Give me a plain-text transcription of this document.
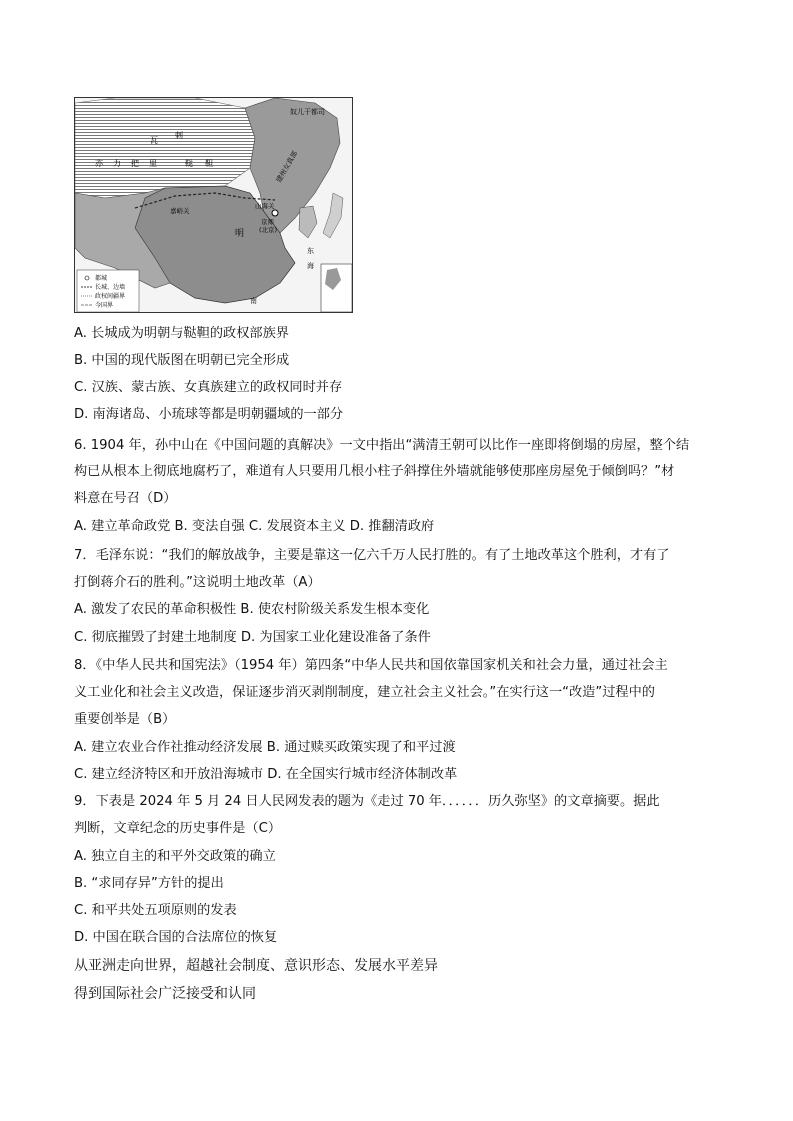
瓦
剌
亦 力 把 里	鞑 靼
奴儿干都司
建州女真部
山海关
京师
(北京)
嘉峪关
明
东
海
南
都城
长城、边墙
政权间疆界
今国界
A. 长城成为明朝与鞑靼的政权部族界
B. 中国的现代版图在明朝已完全形成
C. 汉族、蒙古族、女真族建立的政权同时并存
D. 南海诸岛、小琉球等都是明朝疆域的一部分
6. 1904 年，孙中山在《中国问题的真解决》一文中指出“满清王朝可以比作一座即将倒塌的房屋，整个结
构已从根本上彻底地腐朽了，难道有人只要用几根小柱子斜撑住外墙就能够使那座房屋免于倾倒吗？”材
料意在号召（D）
A. 建立革命政党 B. 变法自强 C. 发展资本主义 D. 推翻清政府
7．毛泽东说：“我们的解放战争，主要是靠这一亿六千万人民打胜的。有了土地改革这个胜利，才有了
打倒蒋介石的胜利。”这说明土地改革（A）
A. 激发了农民的革命积极性 B. 使农村阶级关系发生根本变化
C. 彻底摧毁了封建土地制度 D. 为国家工业化建设准备了条件
8．《中华人民共和国宪法》（1954 年）第四条“中华人民共和国依靠国家机关和社会力量，通过社会主
义工业化和社会主义改造，保证逐步消灭剥削制度，建立社会主义社会。”在实行这一“改造”过程中的
重要创举是（B）
A. 建立农业合作社推动经济发展 B. 通过赎买政策实现了和平过渡
C. 建立经济特区和开放沿海城市 D. 在全国实行城市经济体制改革
9．下表是 2024 年 5 月 24 日人民网发表的题为《走过 70 年．．．．．．历久弥坚》的文章摘要。据此
判断，文章纪念的历史事件是（C）
A. 独立自主的和平外交政策的确立
B. “求同存异”方针的提出
C. 和平共处五项原则的发表
D. 中国在联合国的合法席位的恢复
从亚洲走向世界，超越社会制度、意识形态、发展水平差异
得到国际社会广泛接受和认同
